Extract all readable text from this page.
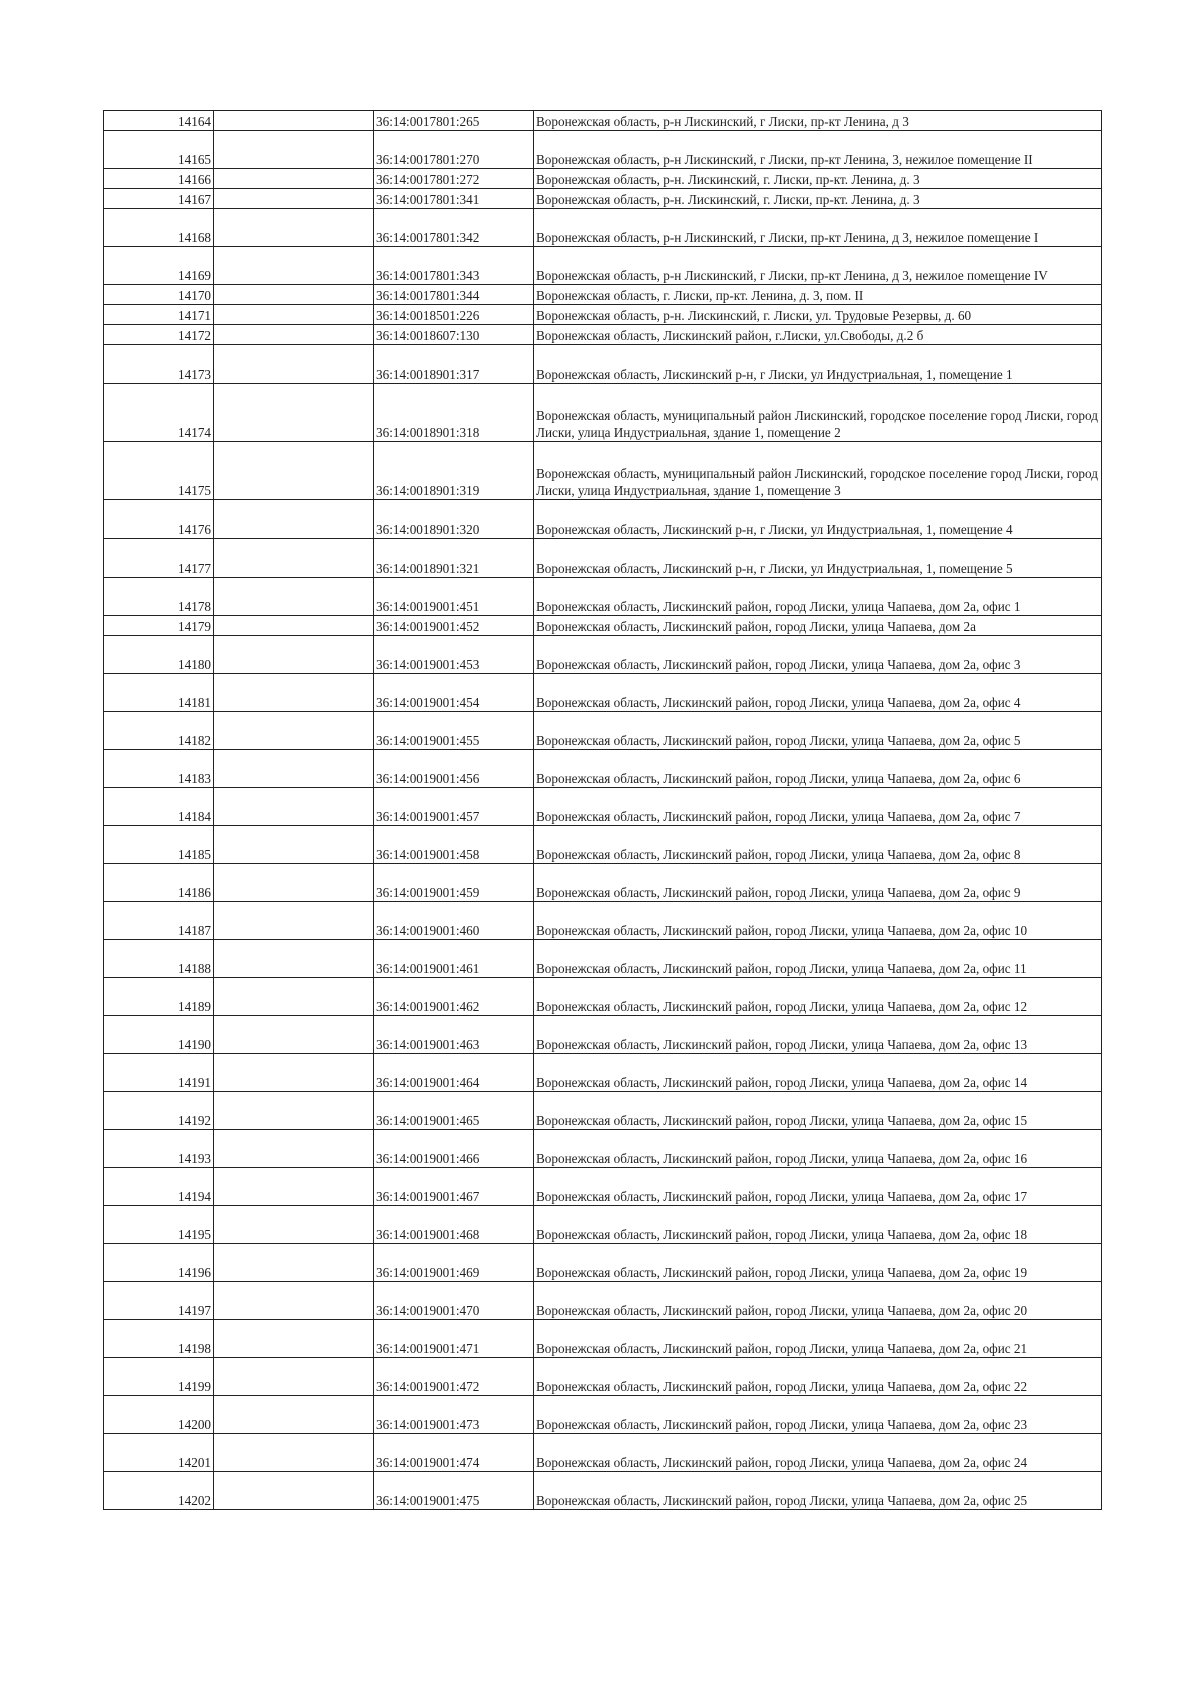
14164		36:14:0017801:265	Воронежская область, р-н Лискинский, г Лиски, пр-кт Ленина, д 3
14165		36:14:0017801:270	Воронежская область, р-н Лискинский, г Лиски, пр-кт Ленина, 3, нежилое помещение II
14166		36:14:0017801:272	Воронежская область, р-н. Лискинский, г. Лиски, пр-кт. Ленина, д. 3
14167		36:14:0017801:341	Воронежская область, р-н. Лискинский, г. Лиски, пр-кт. Ленина, д. 3
14168		36:14:0017801:342	Воронежская область, р-н Лискинский, г Лиски, пр-кт Ленина, д 3, нежилое помещение I
14169		36:14:0017801:343	Воронежская область, р-н Лискинский, г Лиски, пр-кт Ленина, д 3, нежилое помещение IV
14170		36:14:0017801:344	Воронежская область, г. Лиски, пр-кт. Ленина, д. 3, пом. II
14171		36:14:0018501:226	Воронежская область, р-н. Лискинский, г. Лиски, ул. Трудовые Резервы, д. 60
14172		36:14:0018607:130	Воронежская область, Лискинский район, г.Лиски, ул.Свободы, д.2 б
14173		36:14:0018901:317	Воронежская область, Лискинский р-н, г Лиски, ул Индустриальная, 1, помещение 1
14174		36:14:0018901:318	Воронежская область, муниципальный район Лискинский, городское поселение город Лиски, город Лиски, улица Индустриальная, здание 1, помещение 2
14175		36:14:0018901:319	Воронежская область, муниципальный район Лискинский, городское поселение город Лиски, город Лиски, улица Индустриальная, здание 1, помещение 3
14176		36:14:0018901:320	Воронежская область, Лискинский р-н, г Лиски, ул Индустриальная, 1, помещение 4
14177		36:14:0018901:321	Воронежская область, Лискинский р-н, г Лиски, ул Индустриальная, 1, помещение 5
14178		36:14:0019001:451	Воронежская область, Лискинский район, город Лиски, улица Чапаева, дом 2а, офис 1
14179		36:14:0019001:452	Воронежская область, Лискинский район, город Лиски, улица Чапаева, дом 2а
14180		36:14:0019001:453	Воронежская область, Лискинский район, город Лиски, улица Чапаева, дом 2а, офис 3
14181		36:14:0019001:454	Воронежская область, Лискинский район, город Лиски, улица Чапаева, дом 2а, офис 4
14182		36:14:0019001:455	Воронежская область, Лискинский район, город Лиски, улица Чапаева, дом 2а, офис 5
14183		36:14:0019001:456	Воронежская область, Лискинский район, город Лиски, улица Чапаева, дом 2а, офис 6
14184		36:14:0019001:457	Воронежская область, Лискинский район, город Лиски, улица Чапаева, дом 2а, офис 7
14185		36:14:0019001:458	Воронежская область, Лискинский район, город Лиски, улица Чапаева, дом 2а, офис 8
14186		36:14:0019001:459	Воронежская область, Лискинский район, город Лиски, улица Чапаева, дом 2а, офис 9
14187		36:14:0019001:460	Воронежская область, Лискинский район, город Лиски, улица Чапаева, дом 2а, офис 10
14188		36:14:0019001:461	Воронежская область, Лискинский район, город Лиски, улица Чапаева, дом 2а, офис 11
14189		36:14:0019001:462	Воронежская область, Лискинский район, город Лиски, улица Чапаева, дом 2а, офис 12
14190		36:14:0019001:463	Воронежская область, Лискинский район, город Лиски, улица Чапаева, дом 2а, офис 13
14191		36:14:0019001:464	Воронежская область, Лискинский район, город Лиски, улица Чапаева, дом 2а, офис 14
14192		36:14:0019001:465	Воронежская область, Лискинский район, город Лиски, улица Чапаева, дом 2а, офис 15
14193		36:14:0019001:466	Воронежская область, Лискинский район, город Лиски, улица Чапаева, дом 2а, офис 16
14194		36:14:0019001:467	Воронежская область, Лискинский район, город Лиски, улица Чапаева, дом 2а, офис 17
14195		36:14:0019001:468	Воронежская область, Лискинский район, город Лиски, улица Чапаева, дом 2а, офис 18
14196		36:14:0019001:469	Воронежская область, Лискинский район, город Лиски, улица Чапаева, дом 2а, офис 19
14197		36:14:0019001:470	Воронежская область, Лискинский район, город Лиски, улица Чапаева, дом 2а, офис 20
14198		36:14:0019001:471	Воронежская область, Лискинский район, город Лиски, улица Чапаева, дом 2а, офис 21
14199		36:14:0019001:472	Воронежская область, Лискинский район, город Лиски, улица Чапаева, дом 2а, офис 22
14200		36:14:0019001:473	Воронежская область, Лискинский район, город Лиски, улица Чапаева, дом 2а, офис 23
14201		36:14:0019001:474	Воронежская область, Лискинский район, город Лиски, улица Чапаева, дом 2а, офис 24
14202		36:14:0019001:475	Воронежская область, Лискинский район, город Лиски, улица Чапаева, дом 2а, офис 25
